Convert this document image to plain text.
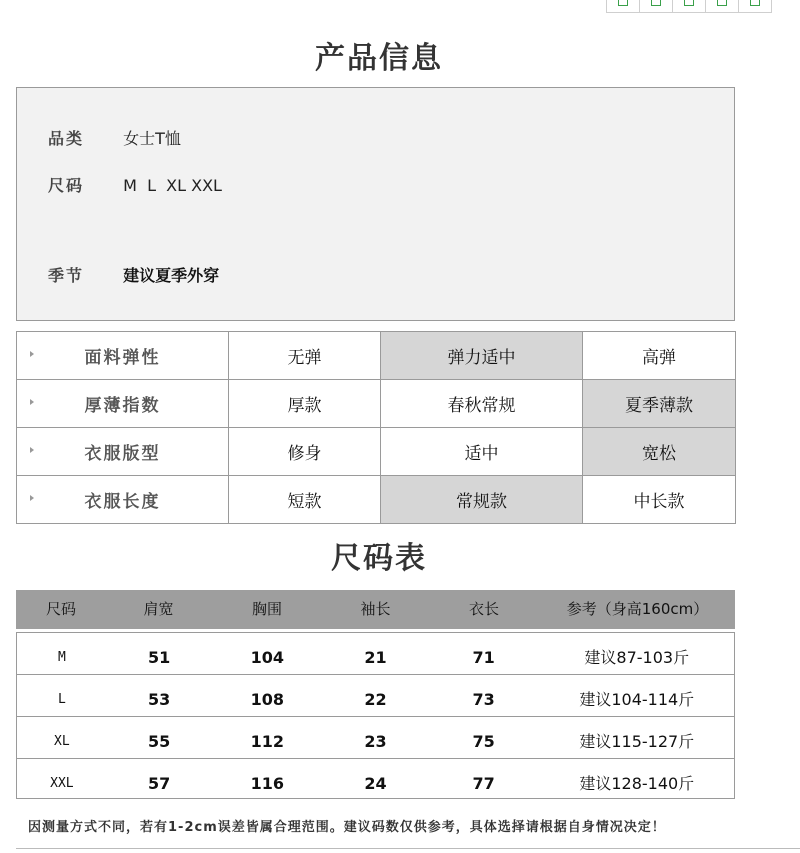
产品信息
品类 女士T恤
尺码 M  L  XL XXL
季节 建议夏季外穿
面料弹性	无弹	弹力适中	高弹

厚薄指数	厚款	春秋常规	夏季薄款

衣服版型	修身	适中	宽松

衣服长度	短款	常规款	中长款
尺码表
尺码	肩宽	胸围	袖长	衣长	参考（身高160cm）
M	51	104	21	71	建议87-103斤
L	53	108	22	73	建议104-114斤
XL	55	112	23	75	建议115-127斤
XXL	57	116	24	77	建议128-140斤
因测量方式不同，若有1-2cm误差皆属合理范围。建议码数仅供参考，具体选择请根据自身情况决定！
